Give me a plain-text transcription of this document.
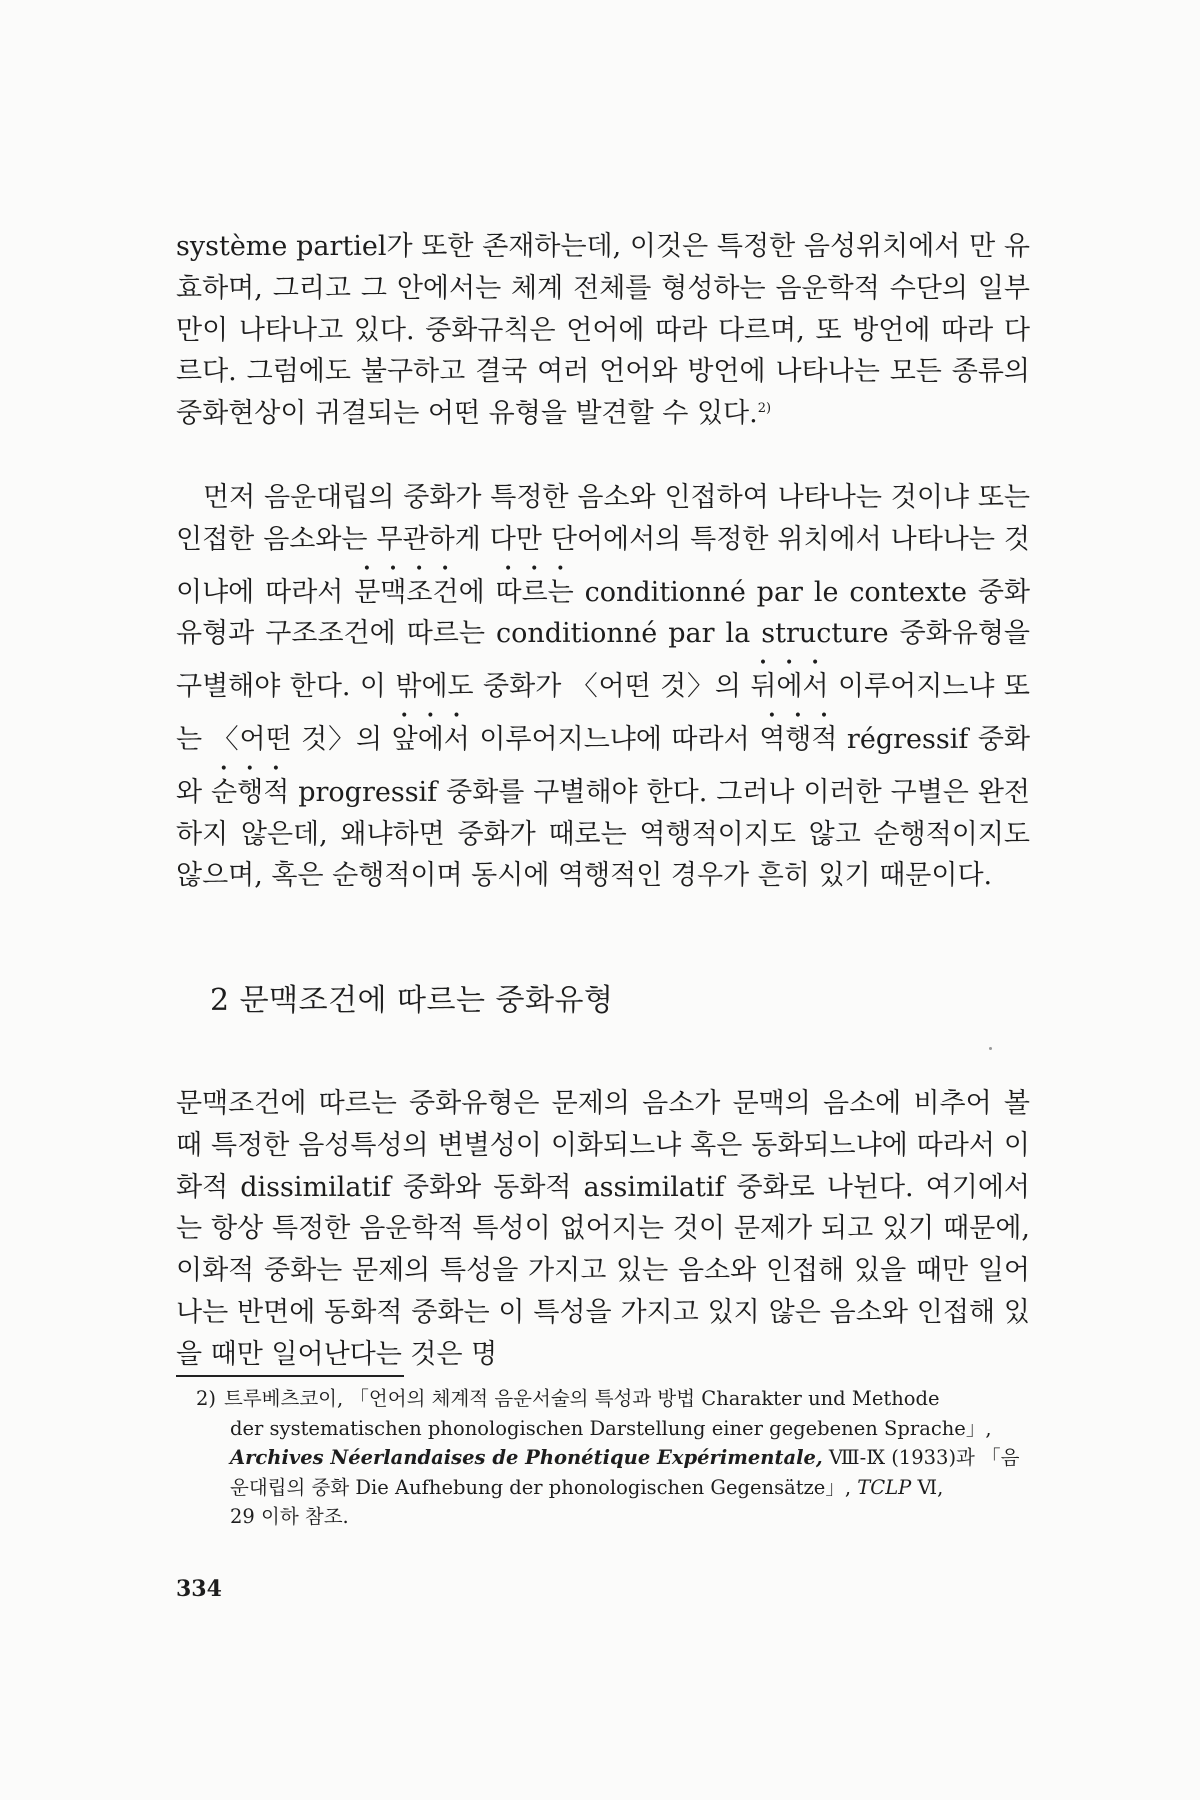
système partiel가 또한 존재하는데, 이것은 특정한 음성위치에서 만 유효하며, 그리고 그 안에서는 체계 전체를 형성하는 음운학적 수단의 일부만이 나타나고 있다. 중화규칙은 언어에 따라 다르며, 또 방언에 따라 다르다. 그럼에도 불구하고 결국 여러 언어와 방언에 나타나는 모든 종류의 중화현상이 귀결되는 어떤 유형을 발견할 수 있다.$^{2)}$

먼저 음운대립의 중화가 특정한 음소와 인접하여 나타나는 것이냐 또는 인접한 음소와는 무관하게 다만 단어에서의 특정한 위치에서 나타나는 것이냐에 따라서 문맥조건에 따르는 conditionné par le contexte 중화유형과 구조조건에 따르는 conditionné par la structure 중화유형을 구별해야 한다. 이 밖에도 중화가 〈어떤 것〉의 뒤에서 이루어지느냐 또는 〈어떤 것〉의 앞에서 이루어지느냐에 따라서 역행적 régressif 중화와 순행적 progressif 중화를 구별해야 한다. 그러나 이러한 구별은 완전하지 않은데, 왜냐하면 중화가 때로는 역행적이지도 않고 순행적이지도 않으며, 혹은 순행적이며 동시에 역행적인 경우가 흔히 있기 때문이다.

2 문맥조건에 따르는 중화유형

문맥조건에 따르는 중화유형은 문제의 음소가 문맥의 음소에 비추어 볼 때 특정한 음성특성의 변별성이 이화되느냐 혹은 동화되느냐에 따라서 이화적 dissimilatif 중화와 동화적 assimilatif 중화로 나뉜다. 여기에서는 항상 특정한 음운학적 특성이 없어지는 것이 문제가 되고 있기 때문에, 이화적 중화는 문제의 특성을 가지고 있는 음소와 인접해 있을 때만 일어나는 반면에 동화적 중화는 이 특성을 가지고 있지 않은 음소와 인접해 있을 때만 일어난다는 것은 명

2) 트루베츠코이, 「언어의 체계적 음운서술의 특성과 방법 Charakter und Methode
der systematischen phonologischen Darstellung einer gegebenen Sprache」,
Archives Néerlandaises de Phonétique Expérimentale, Ⅷ-Ⅸ (1933)과 「음
운대립의 중화 Die Aufhebung der phonologischen Gegensätze」, TCLP Ⅵ,
29 이하 참조.
334
